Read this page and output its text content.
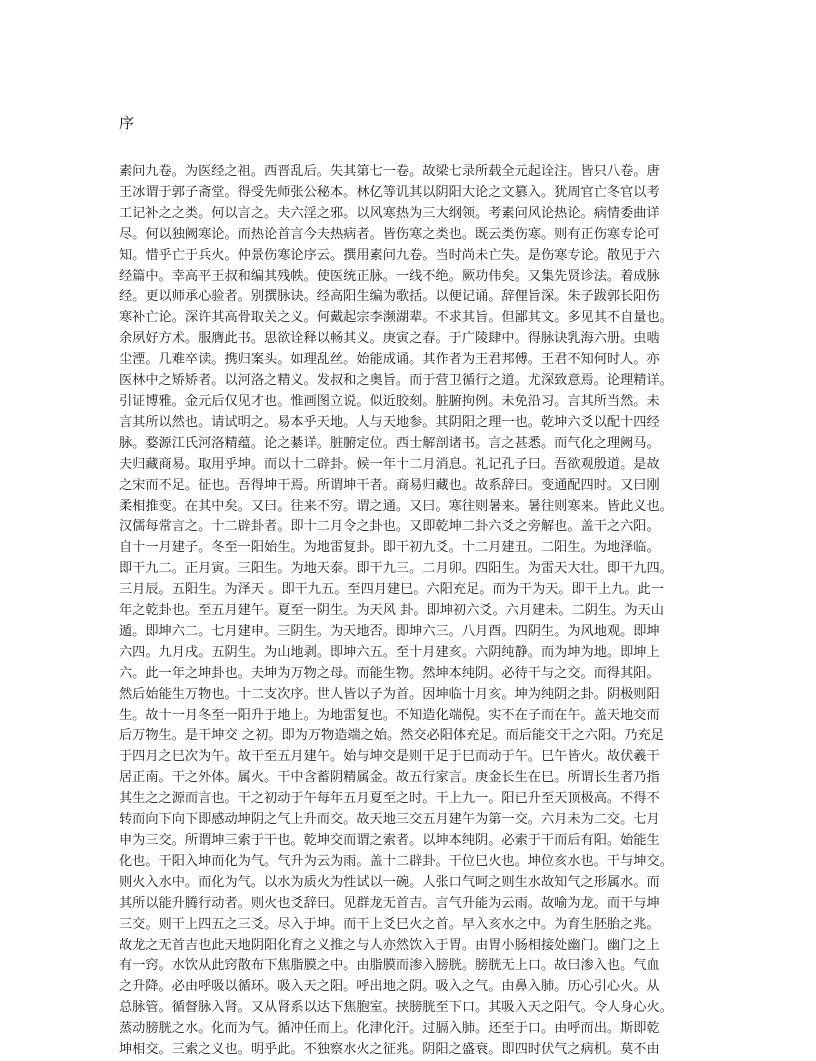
序
素问九卷。为医经之祖。西晋乱后。失其第七一卷。故梁七录所载全元起诠注。皆只八卷。唐
王冰谓于郭子斋堂。得受先师张公秘本。林亿等讥其以阴阳大论之文篡入。犹周官亡冬官以考
工记补之之类。何以言之。夫六淫之邪。以风寒热为三大纲领。考素问风论热论。病情委曲详
尽。何以独阙寒论。而热论首言今夫热病者。皆伤寒之类也。既云类伤寒。则有正伤寒专论可
知。惜乎亡于兵火。仲景伤寒论序云。撰用素问九卷。当时尚未亡失。是伤寒专论。散见于六
经篇中。幸高平王叔和编其残帙。使医统正脉。一线不绝。厥功伟矣。又集先贤诊法。着成脉
经。更以师承心验者。别撰脉诀。经高阳生编为歌括。以便记诵。辞俚旨深。朱子跋郭长阳伤
寒补亡论。深许其高骨取关之义。何戴起宗李濒湖辈。不求其旨。但鄙其文。多见其不自量也。
余夙好方术。服膺此书。思欲诠释以畅其义。庚寅之春。于广陵肆中。得脉诀乳海六册。虫啮
尘湮。几难卒读。携归案头。如理乱丝。始能成诵。其作者为王君邦傅。王君不知何时人。亦
医林中之矫矫者。以河洛之精义。发叔和之奥旨。而于营卫循行之道。尤深致意焉。论理精详。
引证博雅。金元后仅见才也。惟画图立说。似近胶刻。脏腑拘例。未免沿习。言其所当然。未
言其所以然也。请试明之。易本乎天地。人与天地参。其阴阳之理一也。乾坤六爻以配十四经
脉。婺源江氏河洛精蕴。论之綦详。脏腑定位。西士解剖诸书。言之甚悉。而气化之理阙马。
夫归藏商易。取用乎坤。而以十二辟卦。候一年十二月消息。礼记孔子曰。吾欲观殷道。是故
之宋而不足。征也。吾得坤干焉。所谓坤干者。商易归藏也。故系辞曰。变通配四时。又曰刚
柔相推变。在其中矣。又曰。往来不穷。谓之通。又曰。寒往则暑来。暑往则寒来。皆此义也。
汉儒每常言之。十二辟卦者。即十二月令之卦也。又即乾坤二卦六爻之旁解也。盖干之六阳。
自十一月建子。冬至一阳始生。为地雷复卦。即干初九爻。十二月建丑。二阳生。为地泽临。
即干九二。正月寅。三阳生。为地天泰。即干九三。二月卯。四阳生。为雷天大壮。即干九四。
三月辰。五阳生。为泽天 。即干九五。至四月建巳。六阳充足。而为干为天。即干上九。此一
年之乾卦也。至五月建午。夏至一阴生。为天风 卦。即坤初六爻。六月建未。二阴生。为天山
遁。即坤六二。七月建申。三阴生。为天地否。即坤六三。八月酉。四阴生。为风地观。即坤
六四。九月戌。五阴生。为山地剥。即坤六五。至十月建亥。六阴纯静。而为坤为地。即坤上
六。此一年之坤卦也。夫坤为万物之母。而能生物。然坤本纯阴。必待干与之交。而得其阳。
然后始能生万物也。十二支次序。世人皆以子为首。因坤临十月亥。坤为纯阴之卦。阴极则阳
生。故十一月冬至一阳升于地上。为地雷复也。不知造化端倪。实不在子而在午。盖天地交而
后万物生。是干坤交 之初。即为万物造端之始。然交必阳体充足。而后能交干之六阳。乃充足
于四月之巳次为午。故干至五月建午。始与坤交是则干足于巳而动于午。巳午皆火。故伏羲干
居正南。干之外体。属火。干中含蓄阴精属金。故五行家言。庚金长生在巳。所谓长生者乃指
其生之之源而言也。干之初动于午每年五月夏至之时。干上九一。阳已升至天顶极高。不得不
转而向下向下即感动坤阴之气上升而交。故天地三交五月建午为第一交。六月未为二交。七月
申为三交。所谓坤三索于干也。乾坤交而谓之索者。以坤本纯阴。必索于干而后有阳。始能生
化也。干阳入坤而化为气。气升为云为雨。盖十二辟卦。干位巳火也。坤位亥水也。干与坤交。
则火入水中。而化为气。以水为质火为性试以一碗。人张口气呵之则生水故知气之形属水。而
其所以能升腾行动者。则火也爻辞曰。见群龙无首吉。言气升能为云雨。故喻为龙。而干与坤
三交。则干上四五之三爻。尽入于坤。而干上爻巳火之首。早入亥水之中。为育生胚胎之兆。
故龙之无首吉也此天地阴阳化育之义推之与人亦然饮入于胃。由胃小肠相接处幽门。幽门之上
有一窍。水饮从此窍散布下焦脂膜之中。由脂膜而渗入膀胱。膀胱无上口。故曰渗入也。气血
之升降。必由呼吸以循环。吸入天之阳。呼出地之阴。吸入之气。由鼻入肺。历心引心火。从
总脉管。循督脉入肾。又从肾系以达下焦胞室。挟膀胱至下口。其吸入天之阳气。令人身心火。
蒸动膀胱之水。化而为气。循冲任而上。化津化汗。过膈入肺。还至于口。由呼而出。斯即乾
坤相交。三索之义也。明乎此。不独察水火之征兆。阴阳之盛衰。即四时伏气之病机。莫不由
